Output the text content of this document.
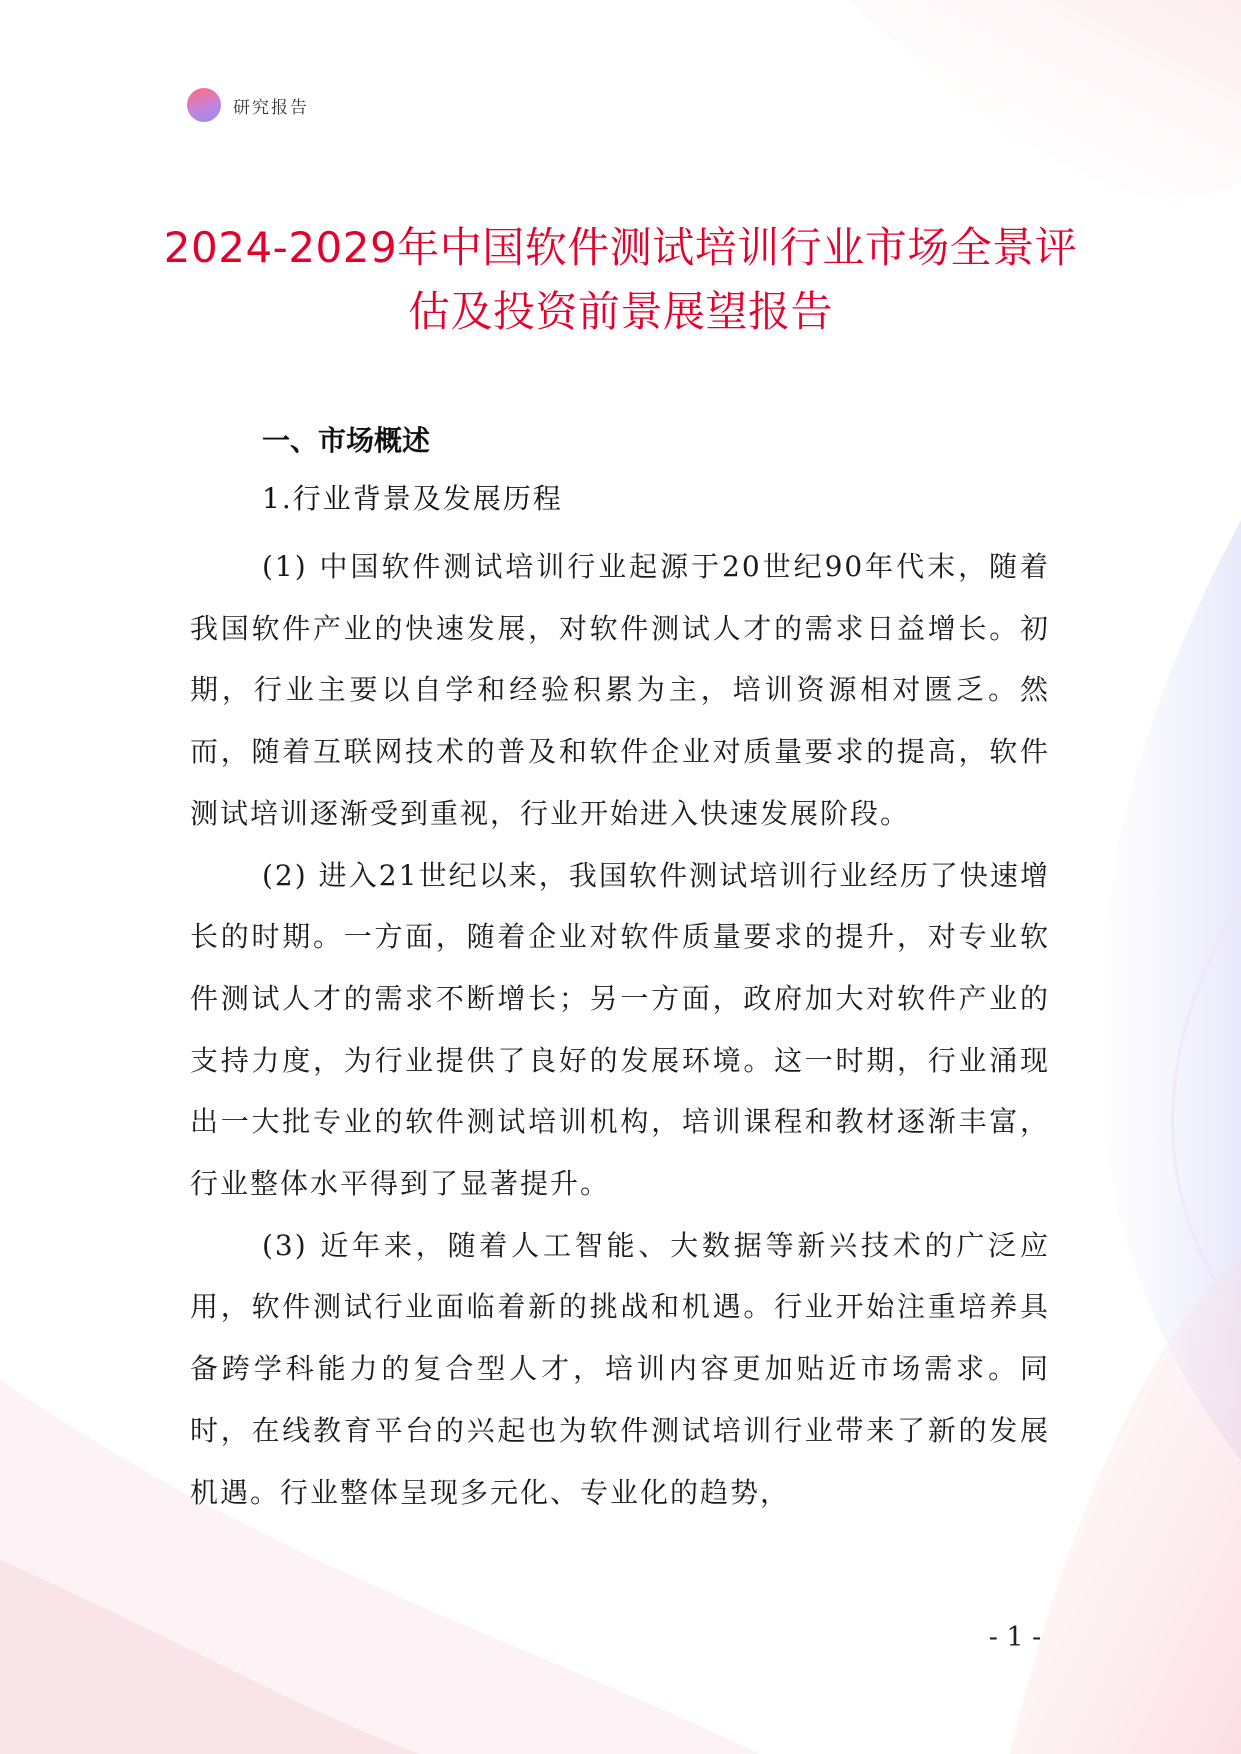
研究报告
2024-2029年中国软件测试培训行业市场全景评估及投资前景展望报告
一、市场概述
1.行业背景及发展历程

(1) 中国软件测试培训行业起源于20世纪90年代末，随着我国软件产业的快速发展，对软件测试人才的需求日益增长。初期，行业主要以自学和经验积累为主，培训资源相对匮乏。然而，随着互联网技术的普及和软件企业对质量要求的提高，软件测试培训逐渐受到重视，行业开始进入快速发展阶段。

(2) 进入21世纪以来，我国软件测试培训行业经历了快速增长的时期。一方面，随着企业对软件质量要求的提升，对专业软件测试人才的需求不断增长；另一方面，政府加大对软件产业的支持力度，为行业提供了良好的发展环境。这一时期，行业涌现出一大批专业的软件测试培训机构，培训课程和教材逐渐丰富，行业整体水平得到了显著提升。

(3) 近年来，随着人工智能、大数据等新兴技术的广泛应用，软件测试行业面临着新的挑战和机遇。行业开始注重培养具备跨学科能力的复合型人才，培训内容更加贴近市场需求。同时，在线教育平台的兴起也为软件测试培训行业带来了新的发展机遇。行业整体呈现多元化、专业化的趋势，

- 1 -
